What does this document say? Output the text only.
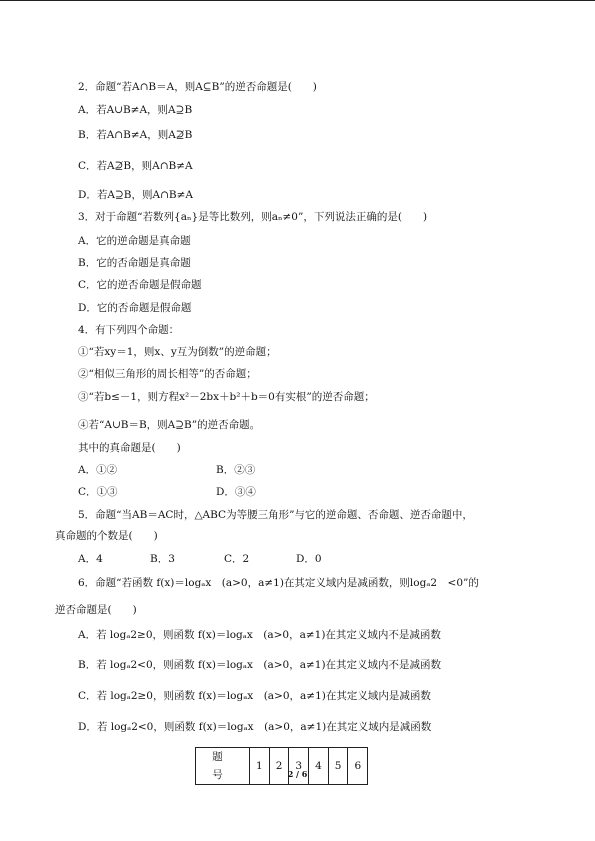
2．命题“若A∩B＝A，则A⊆B”的逆否命题是(　　)
A．若A∪B≠A，则A⊇B
B．若A∩B≠A，则A⊉B
C．若A⊉B，则A∩B≠A
D．若A⊇B，则A∩B≠A
3．对于命题“若数列{aₙ}是等比数列，则aₙ≠0”，下列说法正确的是(　　)
A．它的逆命题是真命题
B．它的否命题是真命题
C．它的逆否命题是假命题
D．它的否命题是假命题
4．有下列四个命题：
①“若xy＝1，则x、y互为倒数”的逆命题；
②“相似三角形的周长相等”的否命题；
③“若b≤－1，则方程x²－2bx＋b²＋b＝0有实根”的逆否命题；
④若“A∪B＝B，则A⊇B”的逆否命题。
其中的真命题是(　　)
A．①②	B．②③
C．①③	D．③④
5．命题“当AB＝AC时，△ABC为等腰三角形”与它的逆命题、否命题、逆否命题中，
真命题的个数是(　　)
A．4	B．3	C．2	D．0
6．命题“若函数 f(x)＝logₐx　(a>0，a≠1)在其定义域内是减函数，则logₐ2　<0”的
逆否命题是(　　)
A．若 logₐ2≥0，则函数 f(x)＝logₐx　(a>0，a≠1)在其定义域内不是减函数
B．若 logₐ2<0，则函数 f(x)＝logₐx　(a>0，a≠1)在其定义域内不是减函数
C．若 logₐ2≥0，则函数 f(x)＝logₐx　(a>0，a≠1)在其定义域内是减函数
D．若 logₐ2<0，则函数 f(x)＝logₐx　(a>0，a≠1)在其定义域内是减函数
题　号	1	2	3	4	5	6
2 / 6
